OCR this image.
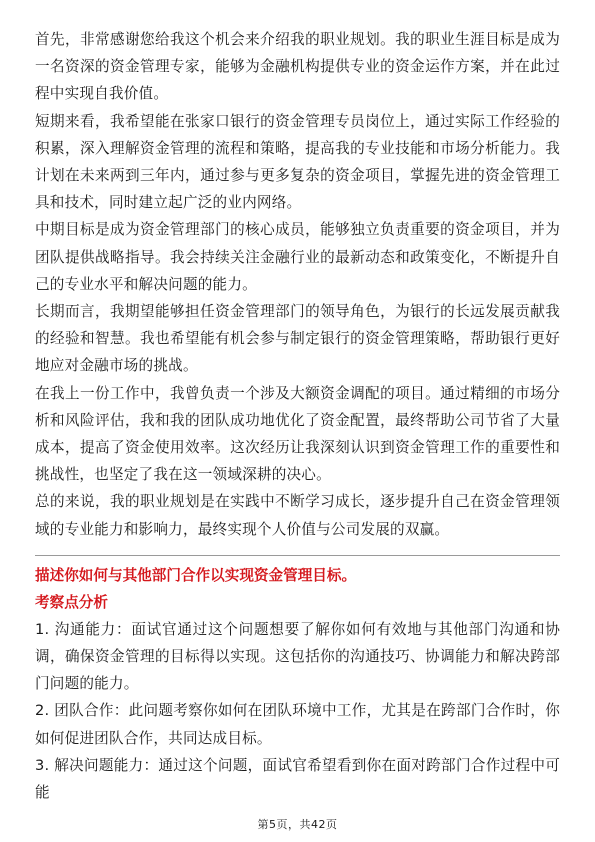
首先，非常感谢您给我这个机会来介绍我的职业规划。我的职业生涯目标是成为一名资深的资金管理专家，能够为金融机构提供专业的资金运作方案，并在此过程中实现自我价值。

短期来看，我希望能在张家口银行的资金管理专员岗位上，通过实际工作经验的积累，深入理解资金管理的流程和策略，提高我的专业技能和市场分析能力。我计划在未来两到三年内，通过参与更多复杂的资金项目，掌握先进的资金管理工具和技术，同时建立起广泛的业内网络。

中期目标是成为资金管理部门的核心成员，能够独立负责重要的资金项目，并为团队提供战略指导。我会持续关注金融行业的最新动态和政策变化，不断提升自己的专业水平和解决问题的能力。

长期而言，我期望能够担任资金管理部门的领导角色，为银行的长远发展贡献我的经验和智慧。我也希望能有机会参与制定银行的资金管理策略，帮助银行更好地应对金融市场的挑战。

在我上一份工作中，我曾负责一个涉及大额资金调配的项目。通过精细的市场分析和风险评估，我和我的团队成功地优化了资金配置，最终帮助公司节省了大量成本，提高了资金使用效率。这次经历让我深刻认识到资金管理工作的重要性和挑战性，也坚定了我在这一领域深耕的决心。

总的来说，我的职业规划是在实践中不断学习成长，逐步提升自己在资金管理领域的专业能力和影响力，最终实现个人价值与公司发展的双赢。

描述你如何与其他部门合作以实现资金管理目标。

考察点分析

1. 沟通能力：面试官通过这个问题想要了解你如何有效地与其他部门沟通和协调，确保资金管理的目标得以实现。这包括你的沟通技巧、协调能力和解决跨部门问题的能力。

2. 团队合作：此问题考察你如何在团队环境中工作，尤其是在跨部门合作时，你如何促进团队合作，共同达成目标。

3. 解决问题能力：通过这个问题，面试官希望看到你在面对跨部门合作过程中可能

第5页，共42页
